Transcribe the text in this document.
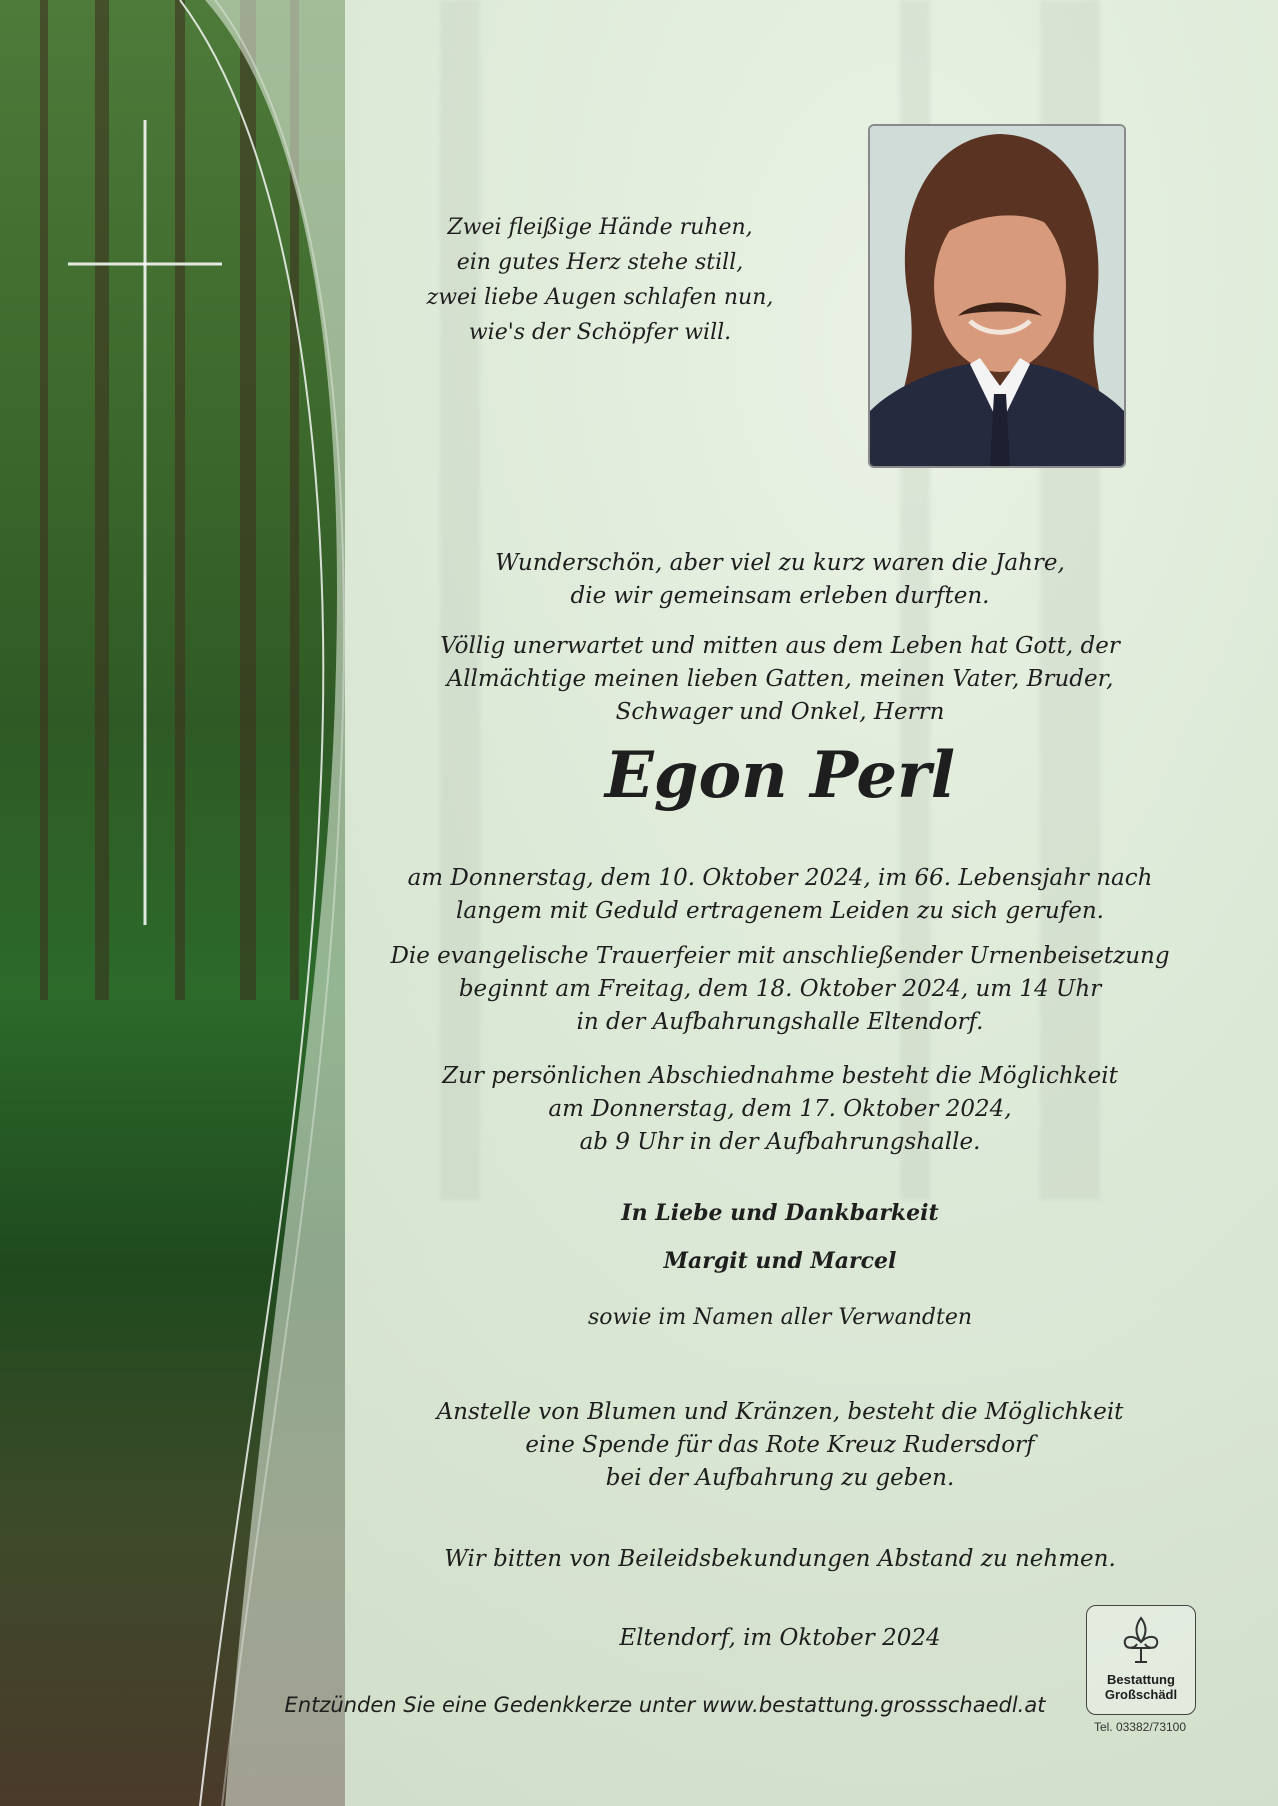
Zwei fleißige Hände ruhen,
ein gutes Herz stehe still,
zwei liebe Augen schlafen nun,
wie's der Schöpfer will.
Wunderschön, aber viel zu kurz waren die Jahre,
die wir gemeinsam erleben durften.
Völlig unerwartet und mitten aus dem Leben hat Gott, der
Allmächtige meinen lieben Gatten, meinen Vater, Bruder,
Schwager und Onkel, Herrn
Egon Perl
am Donnerstag, dem 10. Oktober 2024, im 66. Lebensjahr nach
langem mit Geduld ertragenem Leiden zu sich gerufen.
Die evangelische Trauerfeier mit anschließender Urnenbeisetzung
beginnt am Freitag, dem 18. Oktober 2024, um 14 Uhr
in der Aufbahrungshalle Eltendorf.
Zur persönlichen Abschiednahme besteht die Möglichkeit
am Donnerstag, dem 17. Oktober 2024,
ab 9 Uhr in der Aufbahrungshalle.
In Liebe und Dankbarkeit
Margit und Marcel
sowie im Namen aller Verwandten
Anstelle von Blumen und Kränzen, besteht die Möglichkeit
eine Spende für das Rote Kreuz Rudersdorf
bei der Aufbahrung zu geben.
Wir bitten von Beileidsbekundungen Abstand zu nehmen.
Eltendorf, im Oktober 2024
Entzünden Sie eine Gedenkkerze unter www.bestattung.grossschaedl.at
Bestattung
Großschädl
Tel. 03382/73100
